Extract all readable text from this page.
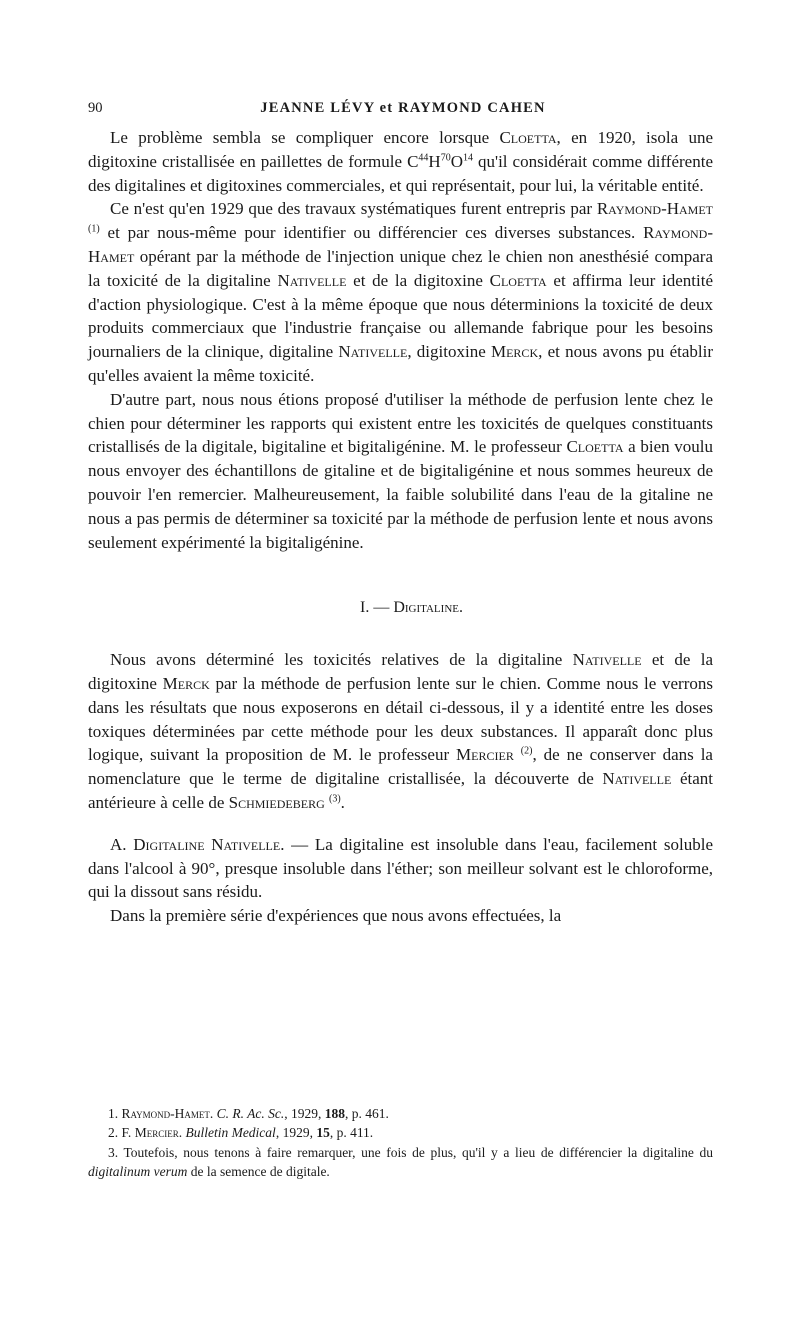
90	JEANNE LÉVY et RAYMOND CAHEN

Le problème sembla se compliquer encore lorsque Cloetta, en 1920, isola une digitoxine cristallisée en paillettes de formule $C^{44}H^{70}O^{14}$ qu'il considérait comme différente des digitalines et digitoxines commerciales, et qui représentait, pour lui, la véritable entité.

Ce n'est qu'en 1929 que des travaux systématiques furent entrepris par Raymond-Hamet $^{(1)}$ et par nous-même pour identifier ou différencier ces diverses substances. Raymond-Hamet opérant par la méthode de l'injection unique chez le chien non anesthésié compara la toxicité de la digitaline Nativelle et de la digitoxine Cloetta et affirma leur identité d'action physiologique. C'est à la même époque que nous déterminions la toxicité de deux produits commerciaux que l'industrie française ou allemande fabrique pour les besoins journaliers de la clinique, digitaline Nativelle, digitoxine Merck, et nous avons pu établir qu'elles avaient la même toxicité.

D'autre part, nous nous étions proposé d'utiliser la méthode de perfusion lente chez le chien pour déterminer les rapports qui existent entre les toxicités de quelques constituants cristallisés de la digitale, bigitaline et bigitaligénine. M. le professeur Cloetta a bien voulu nous envoyer des échantillons de gitaline et de bigitaligénine et nous sommes heureux de pouvoir l'en remercier. Malheureusement, la faible solubilité dans l'eau de la gitaline ne nous a pas permis de déterminer sa toxicité par la méthode de perfusion lente et nous avons seulement expérimenté la bigitaligénine.

I. — Digitaline.

Nous avons déterminé les toxicités relatives de la digitaline Nativelle et de la digitoxine Merck par la méthode de perfusion lente sur le chien. Comme nous le verrons dans les résultats que nous exposerons en détail ci-dessous, il y a identité entre les doses toxiques déterminées par cette méthode pour les deux substances. Il apparaît donc plus logique, suivant la proposition de M. le professeur Mercier $^{(2)}$, de ne conserver dans la nomenclature que le terme de digitaline cristallisée, la découverte de Nativelle étant antérieure à celle de Schmiedeberg $^{(3)}$.

A. Digitaline Nativelle. — La digitaline est insoluble dans l'eau, facilement soluble dans l'alcool à 90°, presque insoluble dans l'éther; son meilleur solvant est le chloroforme, qui la dissout sans résidu.

Dans la première série d'expériences que nous avons effectuées, la

1. Raymond-Hamet. C. R. Ac. Sc., 1929, 188, p. 461.

2. F. Mercier. Bulletin Medical, 1929, 15, p. 411.

3. Toutefois, nous tenons à faire remarquer, une fois de plus, qu'il y a lieu de différencier la digitaline du digitalinum verum de la semence de digitale.
